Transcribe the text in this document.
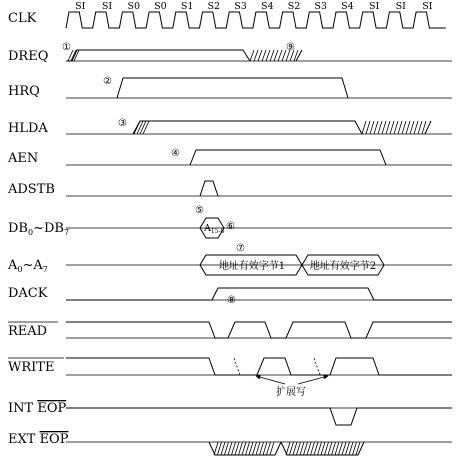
CLK
DREQ
HRQ
HLDA
AEN
ADSTB
$DB_0\sim DB_7$
$A_0\sim A_7$
DACK
READ
WRITE
INT EOP
EXT EOP
SI SI S0 S0 S1 S2 S3 S4 S2 S3 S4 SI SI SI
$A_{15-8}$
地址有效字节1 地址有效字节2
扩展写
①
②
③
④
⑤
⑥
⑦
⑧
⑨
